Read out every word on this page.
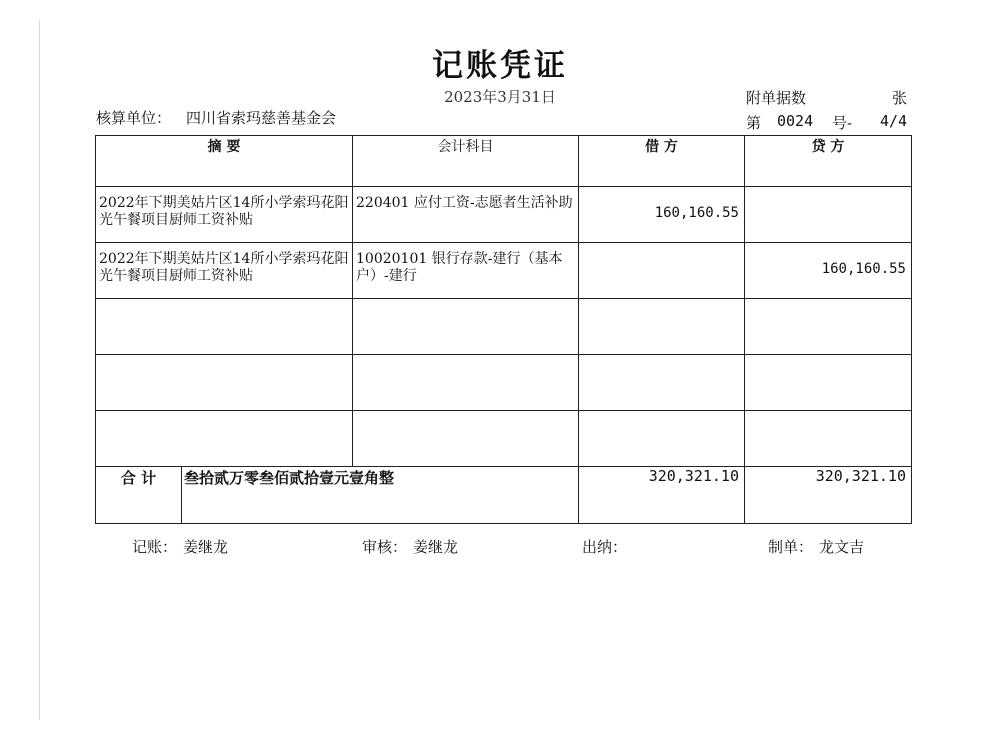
记账凭证
2023年3月31日	附单据数	张
核算单位： 四川省索玛慈善基金会	第 0024 号- 4/4
摘 要		会计科目	借 方	贷 方

2022年下期美姑片区14所小学索玛花阳光午餐项目厨师工资补贴		220401 应付工资-志愿者生活补助	160,160.55	

2022年下期美姑片区14所小学索玛花阳光午餐项目厨师工资补贴		10020101 银行存款-建行（基本户）-建行		160,160.55

合 计	叁拾贰万零叁佰贰拾壹元壹角整		320,321.10	320,321.10
记账： 姜继龙	审核： 姜继龙	出纳：	制单： 龙文吉
